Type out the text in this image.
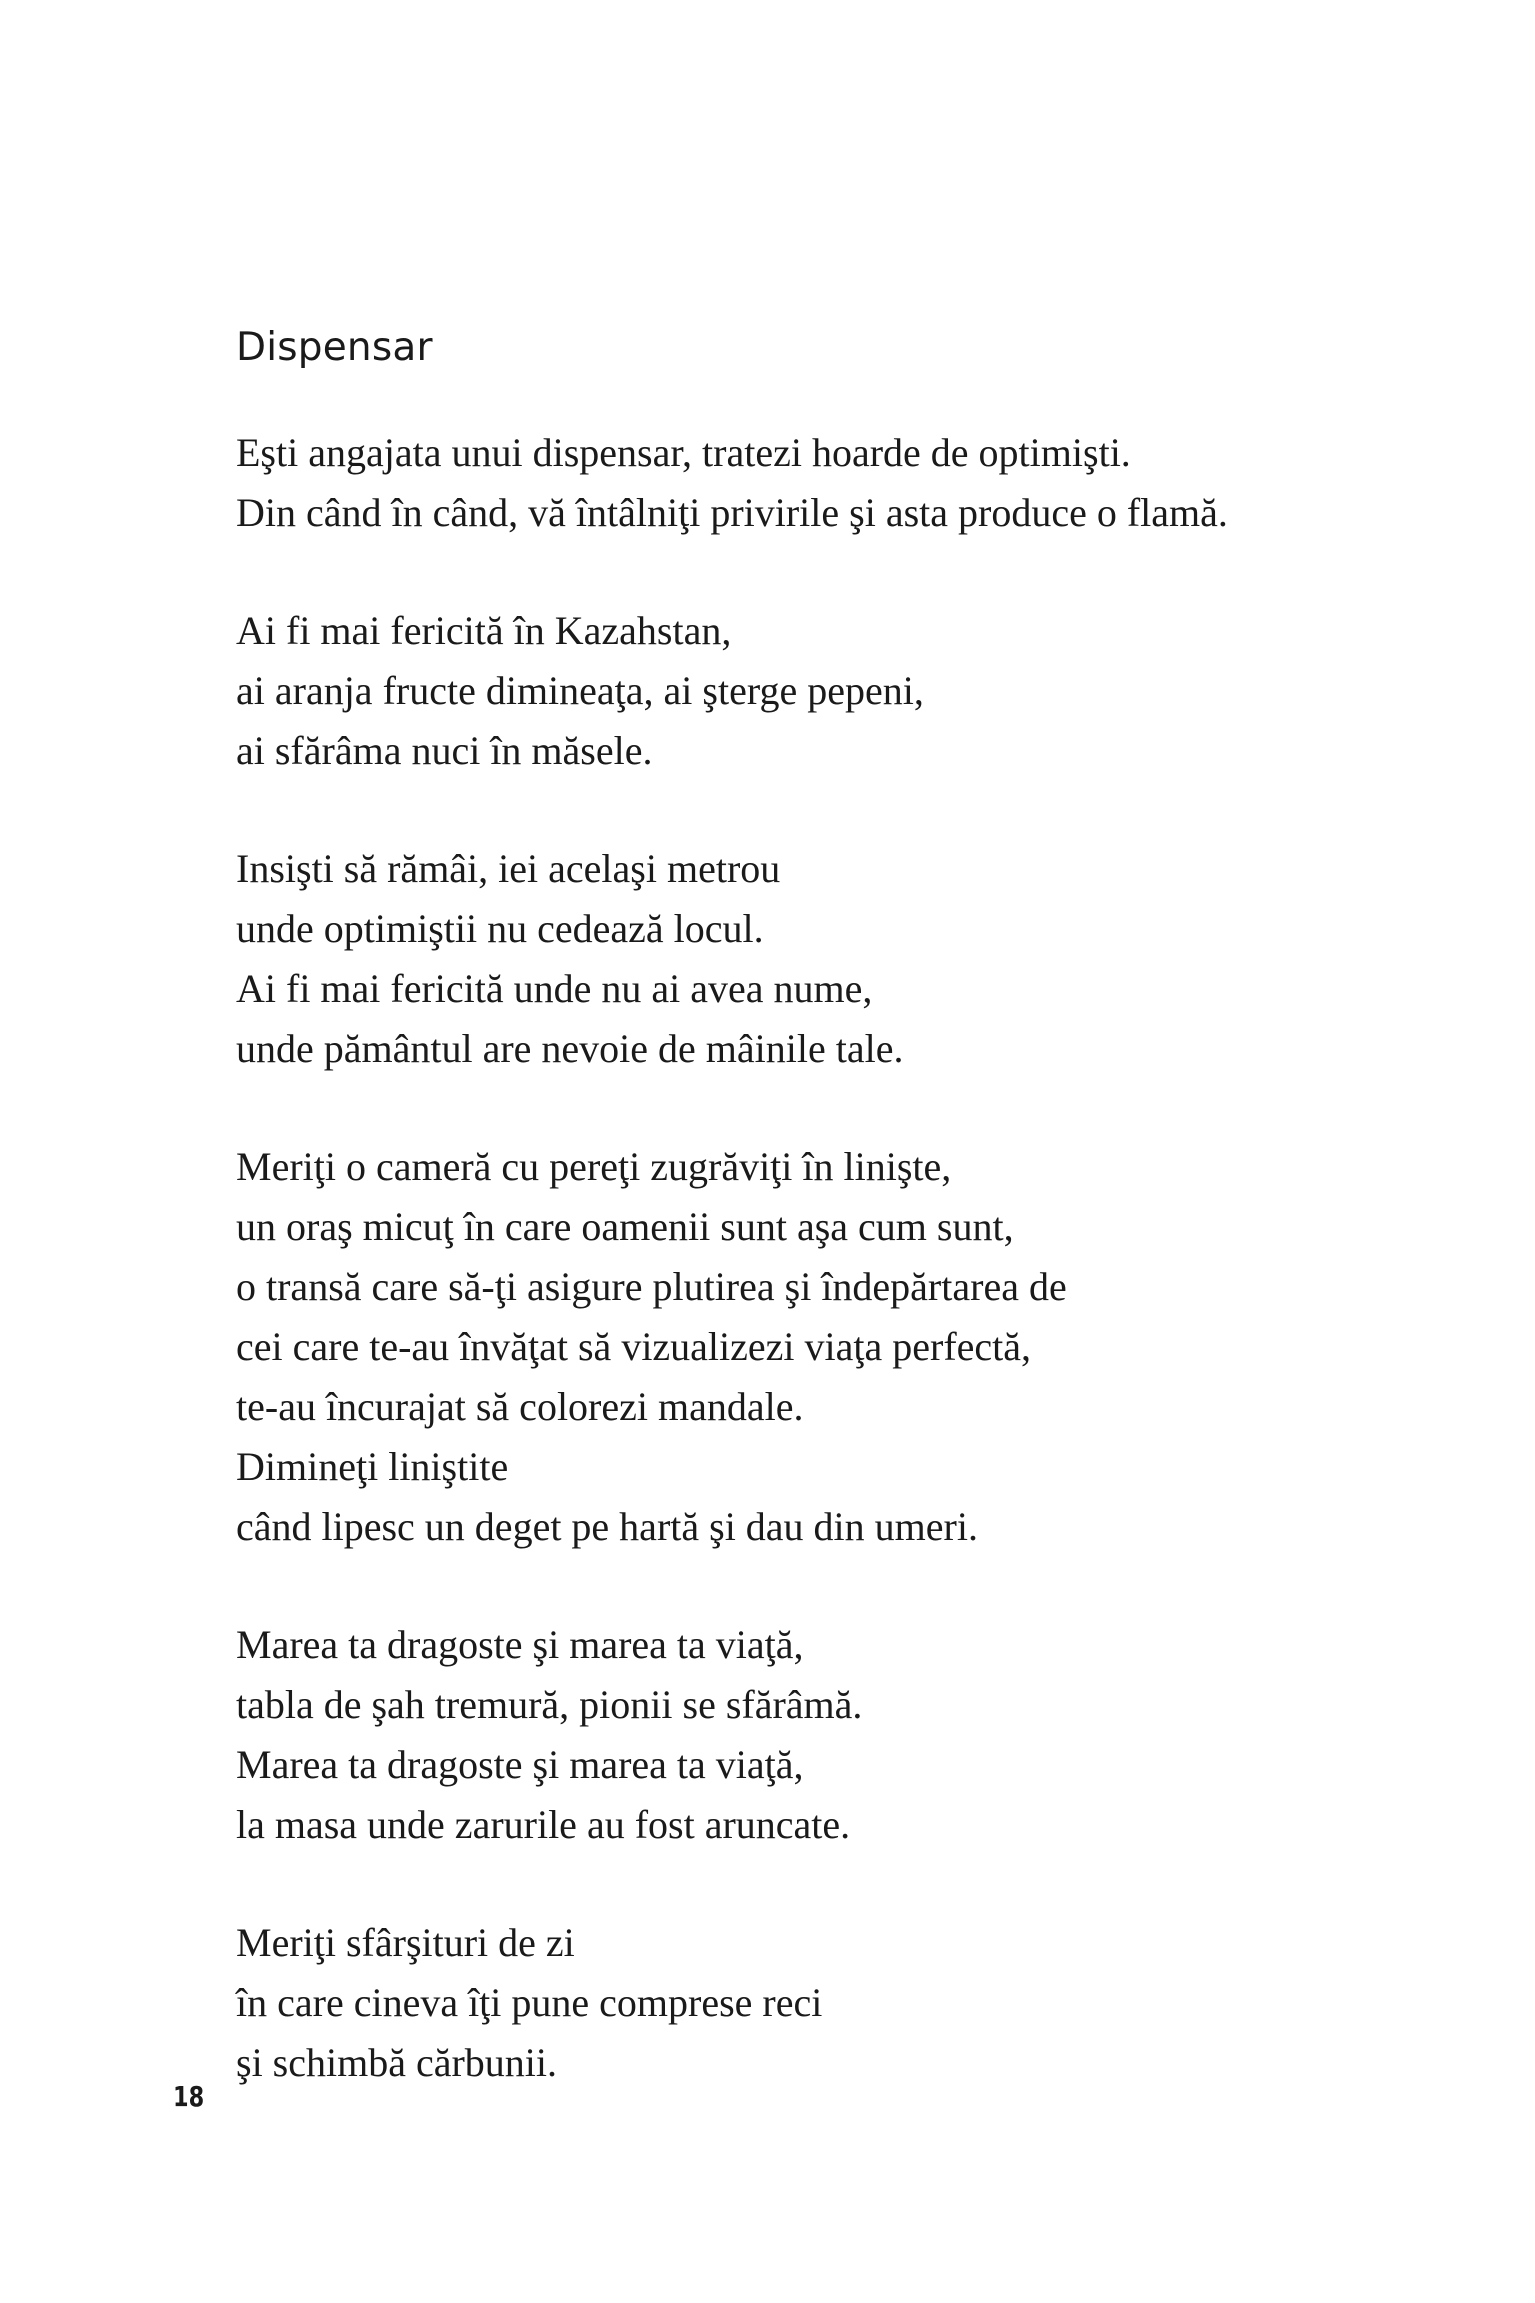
Dispensar
Eşti angajata unui dispensar, tratezi hoarde de optimişti.
Din când în când, vă întâlniţi privirile şi asta produce o flamă.
Ai fi mai fericită în Kazahstan,
ai aranja fructe dimineaţa, ai şterge pepeni,
ai sfărâma nuci în măsele.
Insişti să rămâi, iei acelaşi metrou
unde optimiştii nu cedează locul.
Ai fi mai fericită unde nu ai avea nume,
unde pământul are nevoie de mâinile tale.
Meriţi o cameră cu pereţi zugrăviţi în linişte,
un oraş micuţ în care oamenii sunt aşa cum sunt,
o transă care să-ţi asigure plutirea şi îndepărtarea de
cei care te-au învăţat să vizualizezi viaţa perfectă,
te-au încurajat să colorezi mandale.
Dimineţi liniştite
când lipesc un deget pe hartă şi dau din umeri.
Marea ta dragoste şi marea ta viaţă,
tabla de şah tremură, pionii se sfărâmă.
Marea ta dragoste şi marea ta viaţă,
la masa unde zarurile au fost aruncate.
Meriţi sfârşituri de zi
în care cineva îţi pune comprese reci
şi schimbă cărbunii.
18
